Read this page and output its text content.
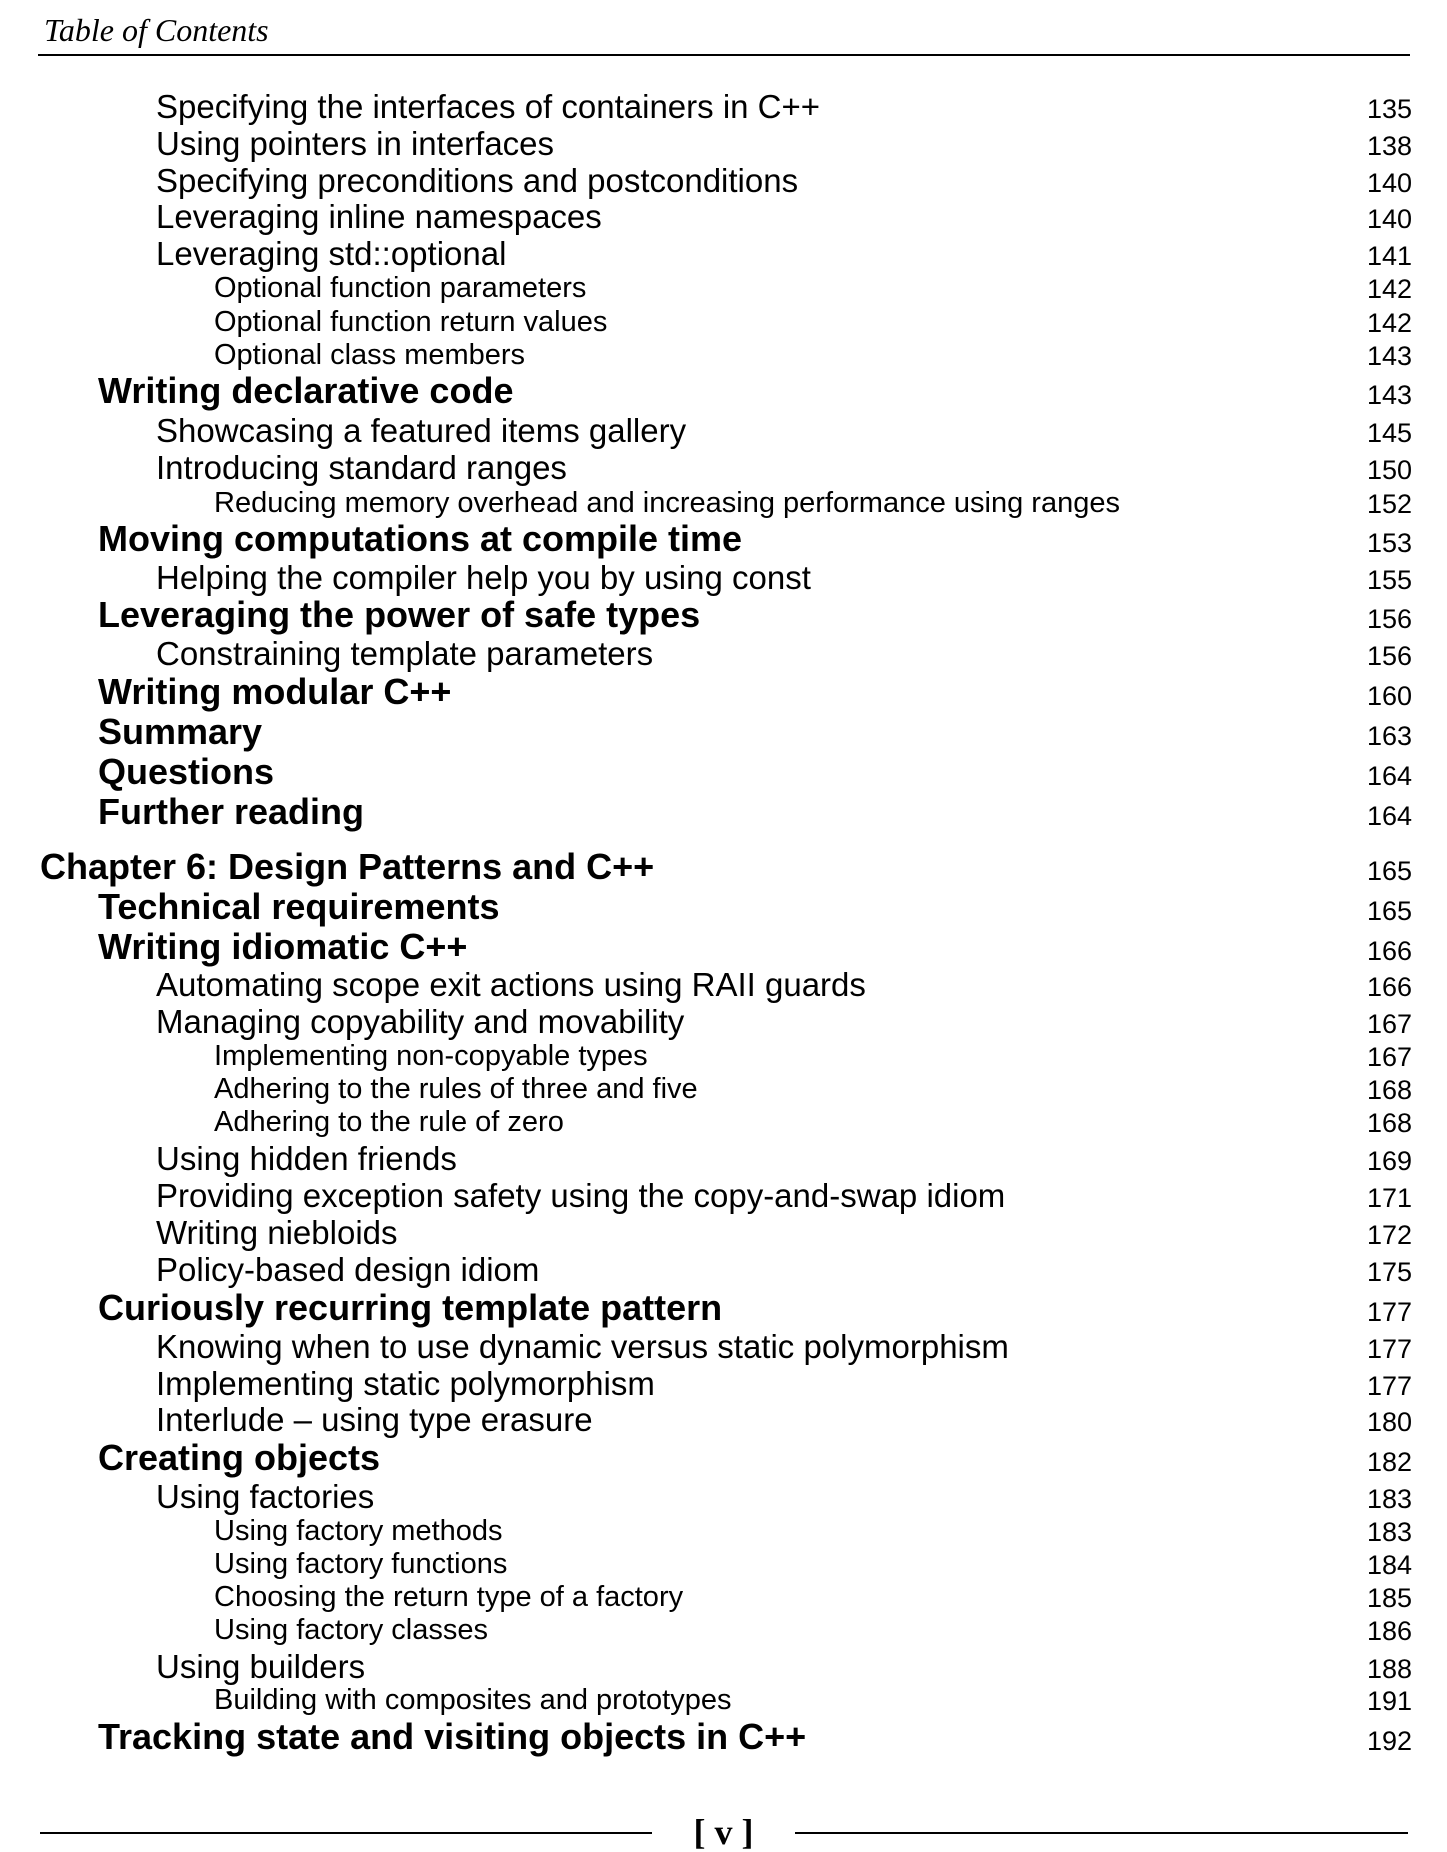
Table of Contents
Specifying the interfaces of containers in C++	135
Using pointers in interfaces	138
Specifying preconditions and postconditions	140
Leveraging inline namespaces	140
Leveraging std::optional	141
Optional function parameters	142
Optional function return values	142
Optional class members	143
Writing declarative code	143
Showcasing a featured items gallery	145
Introducing standard ranges	150
Reducing memory overhead and increasing performance using ranges	152
Moving computations at compile time	153
Helping the compiler help you by using const	155
Leveraging the power of safe types	156
Constraining template parameters	156
Writing modular C++	160
Summary	163
Questions	164
Further reading	164
Chapter 6: Design Patterns and C++	165
Technical requirements	165
Writing idiomatic C++	166
Automating scope exit actions using RAII guards	166
Managing copyability and movability	167
Implementing non-copyable types	167
Adhering to the rules of three and five	168
Adhering to the rule of zero	168
Using hidden friends	169
Providing exception safety using the copy-and-swap idiom	171
Writing niebloids	172
Policy-based design idiom	175
Curiously recurring template pattern	177
Knowing when to use dynamic versus static polymorphism	177
Implementing static polymorphism	177
Interlude – using type erasure	180
Creating objects	182
Using factories	183
Using factory methods	183
Using factory functions	184
Choosing the return type of a factory	185
Using factory classes	186
Using builders	188
Building with composites and prototypes	191
Tracking state and visiting objects in C++	192
[ v ]
